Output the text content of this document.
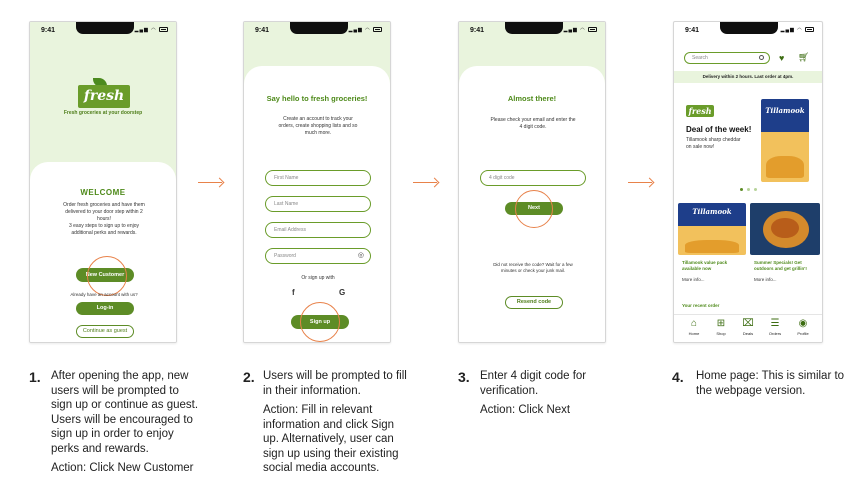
9:41	▂▄▆ ◠
fresh
Fresh groceries at your doorstep
WELCOME
Order fresh groceries and have them delivered to your door step within 2 hours!
3 easy steps to sign up to enjoy additional perks and rewards.
New Customer
Already have an account with us?
Log-in
Continue as guest
9:41	▂▄▆ ◠
Say hello to fresh groceries!
Create an account to track your orders, create shopping lists and so much more.
First Name
Last Name
Email Address
Password	◎
Or sign up with
f	G
Sign up
9:41	▂▄▆ ◠
Almost there!
Please check your email and enter the 4 digit code.
4 digit code
Next
Did not receive the code? Wait for a few minutes or check your junk mail.
Resend code
9:41	▂▄▆ ◠
Search	♥ 🛒︎
Delivery within 2 hours. Last order at 4pm.
fresh
Deal of the week!
Tillamook sharp cheddar on sale now!
Tillamook
Tillamook
Tillamook value pack available now
Summer Specials! Get outdoors and get grillin'!
More info...	More info...
Your recent order
⌂
Home
⊞
Shop
⌧
Deals
☰
Orders
◉
Profile
1. After opening the app, new users will be prompted to sign up or continue as guest. Users will be encouraged to sign up in order to enjoy perks and rewards.

Action: Click New Customer

2. Users will be prompted to fill in their information.

Action: Fill in relevant information and click Sign up. Alternatively, user can sign up using their existing social media accounts.

3. Enter 4 digit code for verification.

Action: Click Next

4. Home page: This is similar to the webpage version.
